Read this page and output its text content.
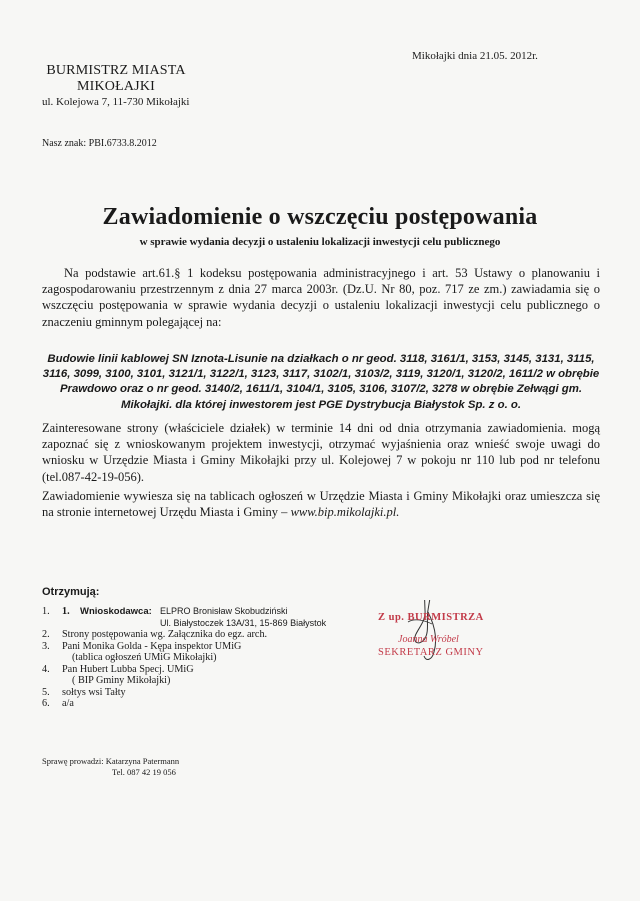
Mikołajki dnia 21.05. 2012r.
BURMISTRZ MIASTA
MIKOŁAJKI
ul. Kolejowa 7, 11-730 Mikołajki
Nasz znak: PBI.6733.8.2012
Zawiadomienie o wszczęciu postępowania
w sprawie wydania decyzji o ustaleniu lokalizacji inwestycji celu publicznego
Na podstawie art.61.§ 1 kodeksu postępowania administracyjnego i art. 53 Ustawy o planowaniu i zagospodarowaniu przestrzennym z dnia 27 marca 2003r. (Dz.U. Nr 80, poz. 717 ze zm.) zawiadamia się o wszczęciu postępowania w sprawie wydania decyzji o ustaleniu lokalizacji inwestycji celu publicznego o znaczeniu gminnym polegającej na:
Budowie linii kablowej SN Iznota-Lisunie na działkach o nr geod. 3118, 3161/1, 3153, 3145, 3131, 3115, 3116, 3099, 3100, 3101, 3121/1, 3122/1, 3123, 3117, 3102/1, 3103/2, 3119, 3120/1, 3120/2, 1611/2 w obrębie Prawdowo oraz o nr geod. 3140/2, 1611/1, 3104/1, 3105, 3106, 3107/2, 3278 w obrębie Zełwągi gm. Mikołajki. dla której inwestorem jest PGE Dystrybucja Białystok Sp. z o. o.
Zainteresowane strony (właściciele działek) w terminie 14 dni od dnia otrzymania zawiadomienia. mogą zapoznać się z wnioskowanym projektem inwestycji, otrzymać wyjaśnienia oraz wnieść swoje uwagi do wniosku w Urzędzie Miasta i Gminy Mikołajki przy ul. Kolejowej 7 w pokoju nr 110 lub pod nr telefonu (tel.087-42-19-056).
Zawiadomienie wywiesza się na tablicach ogłoszeń w Urzędzie Miasta i Gminy Mikołajki oraz umieszcza się na stronie internetowej Urzędu Miasta i Gminy – www.bip.mikolajki.pl.
Otrzymują:
1.	1.	Wnioskodawca: ELPRO Bronisław Skobudziński
Ul. Białystoczek 13A/31, 15-869 Białystok
2.	Strony postępowania wg. Załącznika do egz. arch.
3.	Pani Monika Golda - Kępa inspektor UMiG
(tablica ogłoszeń UMiG Mikołajki)
4.	Pan Hubert Lubba Specj. UMiG
( BIP Gminy Mikołajki)
5.	sołtys wsi Tałty
6.	a/a
Z up. BURMISTRZA
Joanna Wróbel
SEKRETARZ GMINY
Sprawę prowadzi: Katarzyna Patermann
Tel. 087 42 19 056
